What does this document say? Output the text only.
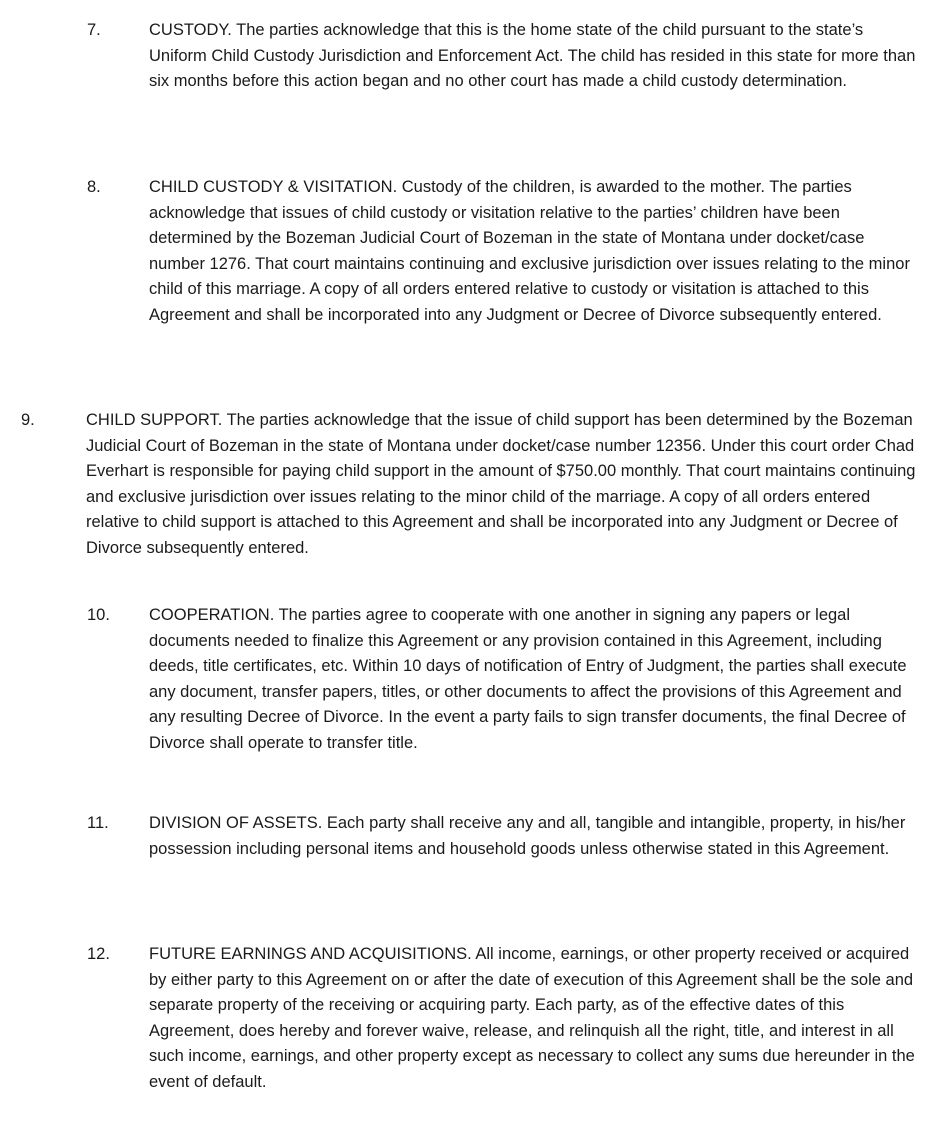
7.	CUSTODY. The parties acknowledge that this is the home state of the child pursuant to the state’s Uniform Child Custody Jurisdiction and Enforcement Act. The child has resided in this state for more than six months before this action began and no other court has made a child custody determination.

8.	CHILD CUSTODY & VISITATION. Custody of the children, is awarded to the mother. The parties acknowledge that issues of child custody or visitation relative to the parties’ children have been determined by the Bozeman Judicial Court of Bozeman in the state of Montana under docket/case number 1276. That court maintains continuing and exclusive jurisdiction over issues relating to the minor child of this marriage. A copy of all orders entered relative to custody or visitation is attached to this Agreement and shall be incorporated into any Judgment or Decree of Divorce subsequently entered.

9.	CHILD SUPPORT. The parties acknowledge that the issue of child support has been determined by the Bozeman Judicial Court of Bozeman in the state of Montana under docket/case number 12356. Under this court order Chad Everhart is responsible for paying child support in the amount of $750.00 monthly. That court maintains continuing and exclusive jurisdiction over issues relating to the minor child of the marriage. A copy of all orders entered relative to child support is attached to this Agreement and shall be incorporated into any Judgment or Decree of Divorce subsequently entered.

10. COOPERATION. The parties agree to cooperate with one another in signing any papers or legal documents needed to finalize this Agreement or any provision contained in this Agreement, including deeds, title certificates, etc. Within 10 days of notification of Entry of Judgment, the parties shall execute any document, transfer papers, titles, or other documents to affect the provisions of this Agreement and any resulting Decree of Divorce. In the event a party fails to sign transfer documents, the final Decree of Divorce shall operate to transfer title.

11. DIVISION OF ASSETS. Each party shall receive any and all, tangible and intangible, property, in his/her possession including personal items and household goods unless otherwise stated in this Agreement.

12. FUTURE EARNINGS AND ACQUISITIONS. All income, earnings, or other property received or acquired by either party to this Agreement on or after the date of execution of this Agreement shall be the sole and separate property of the receiving or acquiring party. Each party, as of the effective dates of this Agreement, does hereby and forever waive, release, and relinquish all the right, title, and interest in all such income, earnings, and other property except as necessary to collect any sums due hereunder in the event of default.
